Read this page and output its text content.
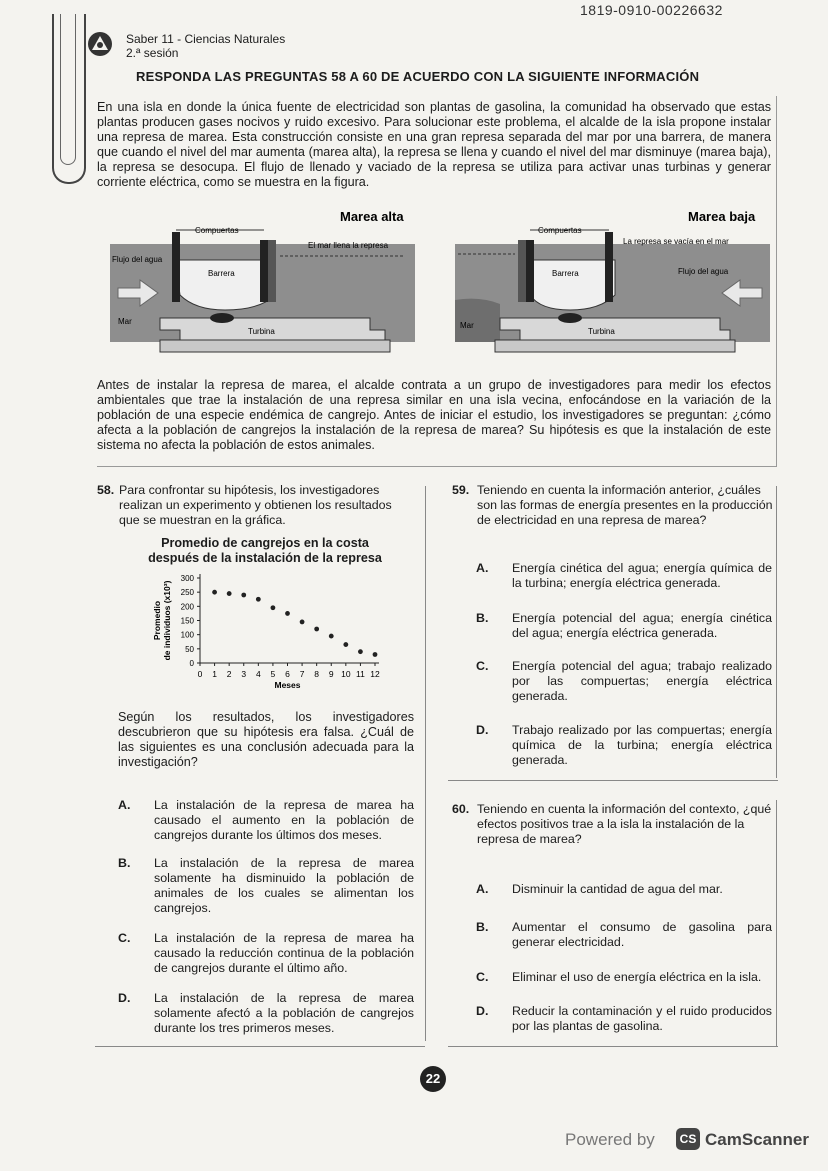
1819-0910-00226632
Saber 11 - Ciencias Naturales
2.ª sesión
RESPONDA LAS PREGUNTAS 58 A 60 DE ACUERDO CON LA SIGUIENTE INFORMACIÓN
En una isla en donde la única fuente de electricidad son plantas de gasolina, la comunidad ha observado que estas plantas producen gases nocivos y ruido excesivo. Para solucionar este problema, el alcalde de la isla propone instalar una represa de marea. Esta construcción consiste en una gran represa separada del mar por una barrera, de manera que cuando el nivel del mar aumenta (marea alta), la represa se llena y cuando el nivel del mar disminuye (marea baja), la represa se desocupa. El flujo de llenado y vaciado de la represa se utiliza para activar unas turbinas y generar corriente eléctrica, como se muestra en la figura.
Marea alta
Compuertas
El mar llena la represa
Flujo del agua
Barrera
Mar
Turbina
Marea baja
Compuertas
La represa se vacía en el mar
Flujo del agua
Barrera
Mar
Turbina
Antes de instalar la represa de marea, el alcalde contrata a un grupo de investigadores para medir los efectos ambientales que trae la instalación de una represa similar en una isla vecina, enfocándose en la variación de la población de una especie endémica de cangrejo. Antes de iniciar el estudio, los investigadores se preguntan: ¿cómo afecta a la población de cangrejos la instalación de la represa de marea? Su hipótesis es que la instalación de este sistema no afecta la población de estos animales.
58. Para confrontar su hipótesis, los investigadores realizan un experimento y obtienen los resultados que se muestran en la gráfica.
Promedio de cangrejos en la costa
después de la instalación de la represa
0 1 2 3 4 5 6 7 8 9 10 11 12
0
50
100
150
200
250
300
Meses
Promedio de individuos (x10³)
Según los resultados, los investigadores descubrieron que su hipótesis era falsa. ¿Cuál de las siguientes es una conclusión adecuada para la investigación?
A. La instalación de la represa de marea ha causado el aumento en la población de cangrejos durante los últimos dos meses.
B. La instalación de la represa de marea solamente ha disminuido la población de animales de los cuales se alimentan los cangrejos.
C. La instalación de la represa de marea ha causado la reducción continua de la población de cangrejos durante el último año.
D. La instalación de la represa de marea solamente afectó a la población de cangrejos durante los tres primeros meses.
59. Teniendo en cuenta la información anterior, ¿cuáles son las formas de energía presentes en la producción de electricidad en una represa de marea?
A. Energía cinética del agua; energía química de la turbina; energía eléctrica generada.
B. Energía potencial del agua; energía cinética del agua; energía eléctrica generada.
C. Energía potencial del agua; trabajo realizado por las compuertas; energía eléctrica generada.
D. Trabajo realizado por las compuertas; energía química de la turbina; energía eléctrica generada.
60. Teniendo en cuenta la información del contexto, ¿qué efectos positivos trae a la isla la instalación de la represa de marea?
A. Disminuir la cantidad de agua del mar.
B. Aumentar el consumo de gasolina para generar electricidad.
C. Eliminar el uso de energía eléctrica en la isla.
D. Reducir la contaminación y el ruido producidos por las plantas de gasolina.
22
Powered by	CS CamScanner
